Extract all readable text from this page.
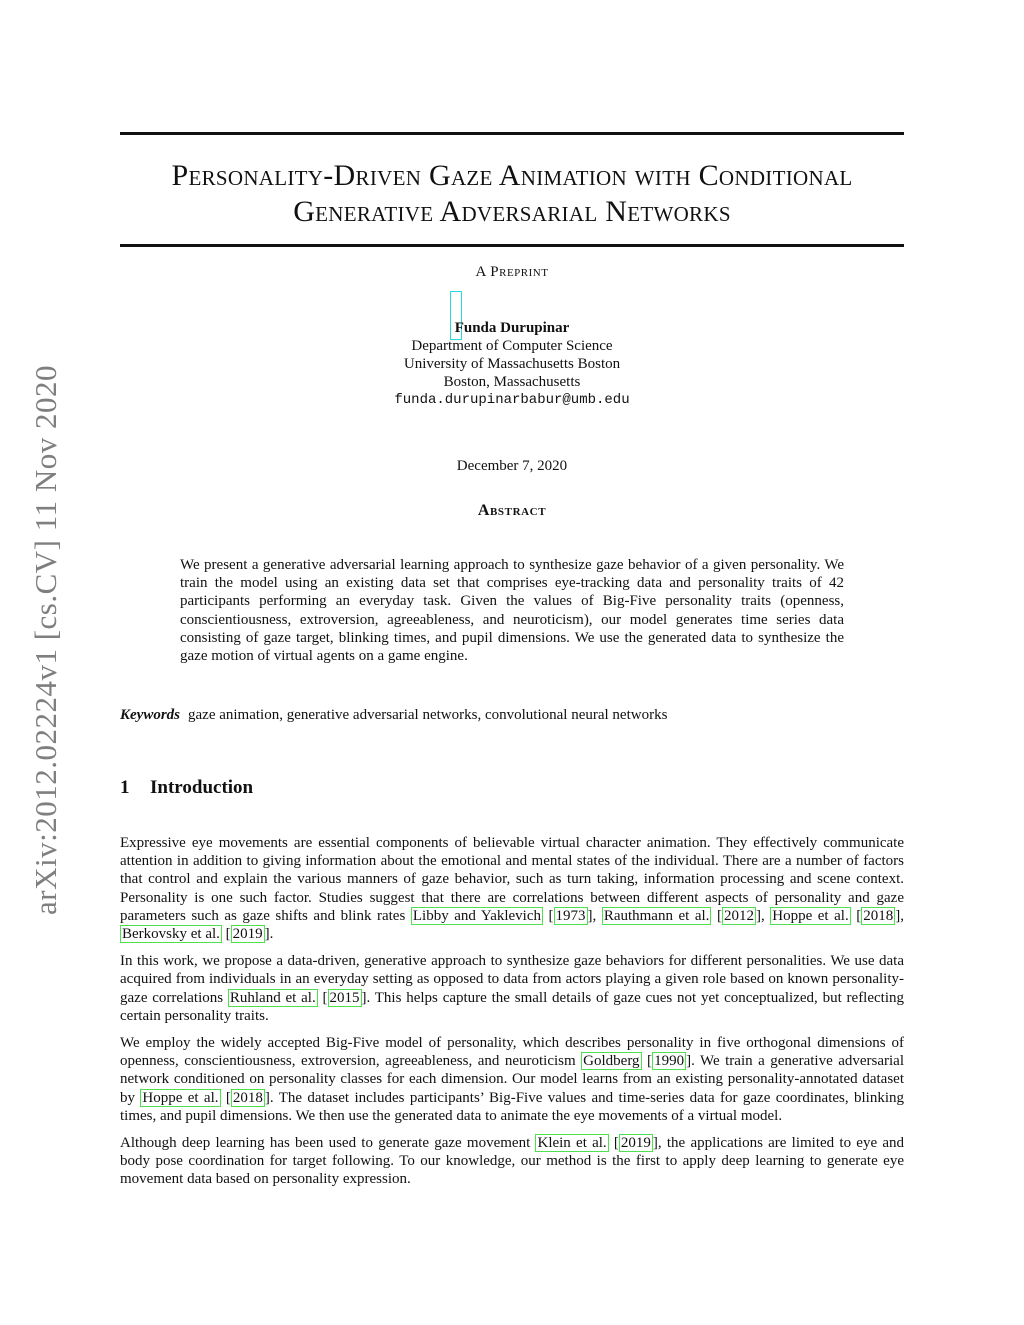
arXiv:2012.02224v1 [cs.CV] 11 Nov 2020
Personality-Driven Gaze Animation with Conditional
Generative Adversarial Networks
A Preprint
Funda Durupinar
Department of Computer Science
University of Massachusetts Boston
Boston, Massachusetts
funda.durupinarbabur@umb.edu
December 7, 2020
Abstract
We present a generative adversarial learning approach to synthesize gaze behavior of a given personality. We train the model using an existing data set that comprises eye-tracking data and personality traits of 42 participants performing an everyday task. Given the values of Big-Five personality traits (openness, conscientiousness, extroversion, agreeableness, and neuroticism), our model generates time series data consisting of gaze target, blinking times, and pupil dimensions. We use the generated data to synthesize the gaze motion of virtual agents on a game engine.
Keywords gaze animation, generative adversarial networks, convolutional neural networks
1 Introduction

Expressive eye movements are essential components of believable virtual character animation. They effectively communicate attention in addition to giving information about the emotional and mental states of the individual. There are a number of factors that control and explain the various manners of gaze behavior, such as turn taking, information processing and scene context. Personality is one such factor. Studies suggest that there are correlations between different aspects of personality and gaze parameters such as gaze shifts and blink rates Libby and Yaklevich [ 1973 ], Rauthmann et al. [ 2012 ], Hoppe et al. [ 2018 ], Berkovsky et al. [ 2019 ].

In this work, we propose a data-driven, generative approach to synthesize gaze behaviors for different personalities. We use data acquired from individuals in an everyday setting as opposed to data from actors playing a given role based on known personality-gaze correlations Ruhland et al. [ 2015 ]. This helps capture the small details of gaze cues not yet conceptualized, but reflecting certain personality traits.

We employ the widely accepted Big-Five model of personality, which describes personality in five orthogonal dimensions of openness, conscientiousness, extroversion, agreeableness, and neuroticism Goldberg [ 1990 ]. We train a generative adversarial network conditioned on personality classes for each dimension. Our model learns from an existing personality-annotated dataset by Hoppe et al. [ 2018 ]. The dataset includes participants’ Big-Five values and time-series data for gaze coordinates, blinking times, and pupil dimensions. We then use the generated data to animate the eye movements of a virtual model.

Although deep learning has been used to generate gaze movement Klein et al. [ 2019 ], the applications are limited to eye and body pose coordination for target following. To our knowledge, our method is the first to apply deep learning to generate eye movement data based on personality expression.
